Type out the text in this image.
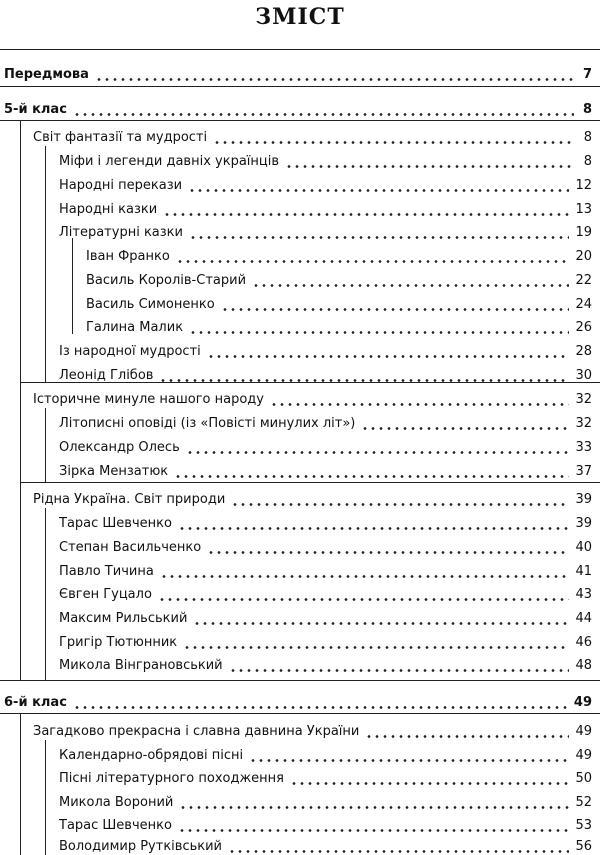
ЗМІСТ
Передмова	7
5-й клас	8
Світ фантазії та мудрості	8
Міфи і легенди давніх українців	8
Народні перекази	12
Народні казки	13
Літературні казки	19
Іван Франко	20
Василь Королів-Старий	22
Василь Симоненко	24
Галина Малик	26
Із народної мудрості	28
Леонід Глібов	30
Історичне минуле нашого народу	32
Літописні оповіді (із «Повісті минулих літ»)	32
Олександр Олесь	33
Зірка Мензатюк	37
Рідна Україна. Світ природи	39
Тарас Шевченко	39
Степан Васильченко	40
Павло Тичина	41
Євген Гуцало	43
Максим Рильський	44
Григір Тютюнник	46
Микола Вінграновський	48
6-й клас	49
Загадково прекрасна і славна давнина України	49
Календарно-обрядові пісні	49
Пісні літературного походження	50
Микола Вороний	52
Тарас Шевченко	53
Володимир Рутківський	56
